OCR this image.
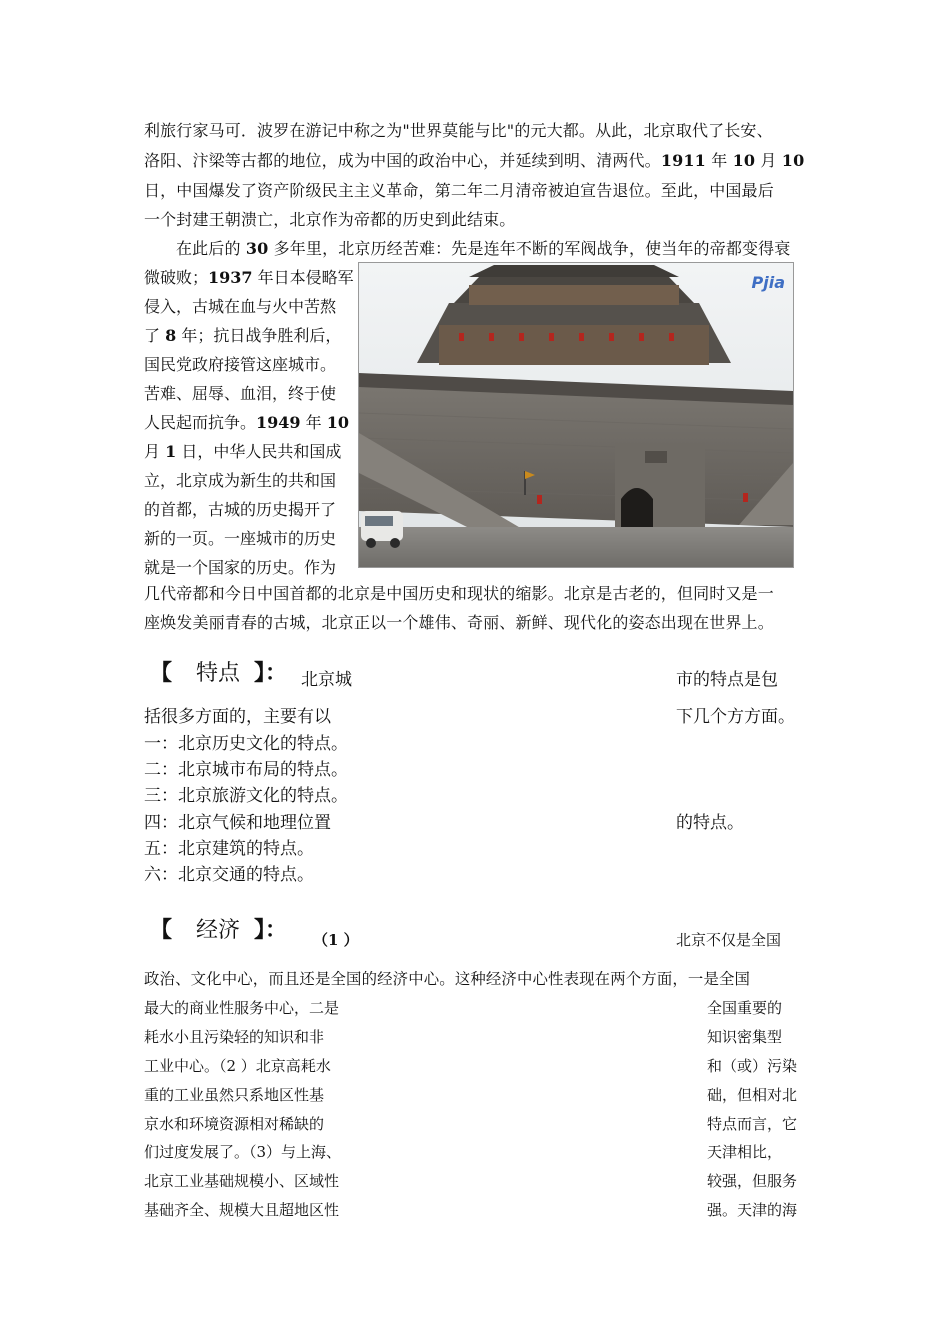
利旅行家马可．波罗在游记中称之为"世界莫能与比"的元大都。从此，北京取代了长安、
洛阳、汴梁等古都的地位，成为中国的政治中心，并延续到明、清两代。1911 年 10 月 10
日，中国爆发了资产阶级民主主义革命，第二年二月清帝被迫宣告退位。至此，中国最后
一个封建王朝溃亡，北京作为帝都的历史到此结束。
在此后的 30 多年里，北京历经苦难：先是连年不断的军阀战争，使当年的帝都变得衰
微破败；1937 年日本侵略军
侵入，古城在血与火中苦熬
了 8 年；抗日战争胜利后，
国民党政府接管这座城市。
苦难、屈辱、血泪，终于使
人民起而抗争。1949 年 10
月 1 日，中华人民共和国成
立，北京成为新生的共和国
的首都，古城的历史揭开了
新的一页。一座城市的历史
就是一个国家的历史。作为
Pjia
几代帝都和今日中国首都的北京是中国历史和现状的缩影。北京是古老的，但同时又是一
座焕发美丽青春的古城，北京正以一个雄伟、奇丽、新鲜、现代化的姿态出现在世界上。
【 特点 】： 北京城	市的特点是包
括很多方面的，主要有以	下几个方方面。
一：北京历史文化的特点。
二：北京城市布局的特点。
三：北京旅游文化的特点。
四：北京气候和地理位置	的特点。
五：北京建筑的特点。
六：北京交通的特点。
【 经济 】： （1 ）	北京不仅是全国
政治、文化中心，而且还是全国的经济中心。这种经济中心性表现在两个方面，一是全国
最大的商业性服务中心，二是
耗水小且污染轻的知识和非
工业中心。（2 ）北京高耗水
重的工业虽然只系地区性基
京水和环境资源相对稀缺的
们过度发展了。（3）与上海、
北京工业基础规模小、区域性
基础齐全、规模大且超地区性
全国重要的
知识密集型
和（或）污染
础，但相对北
特点而言，它
天津相比，
较强，但服务
强。天津的海
